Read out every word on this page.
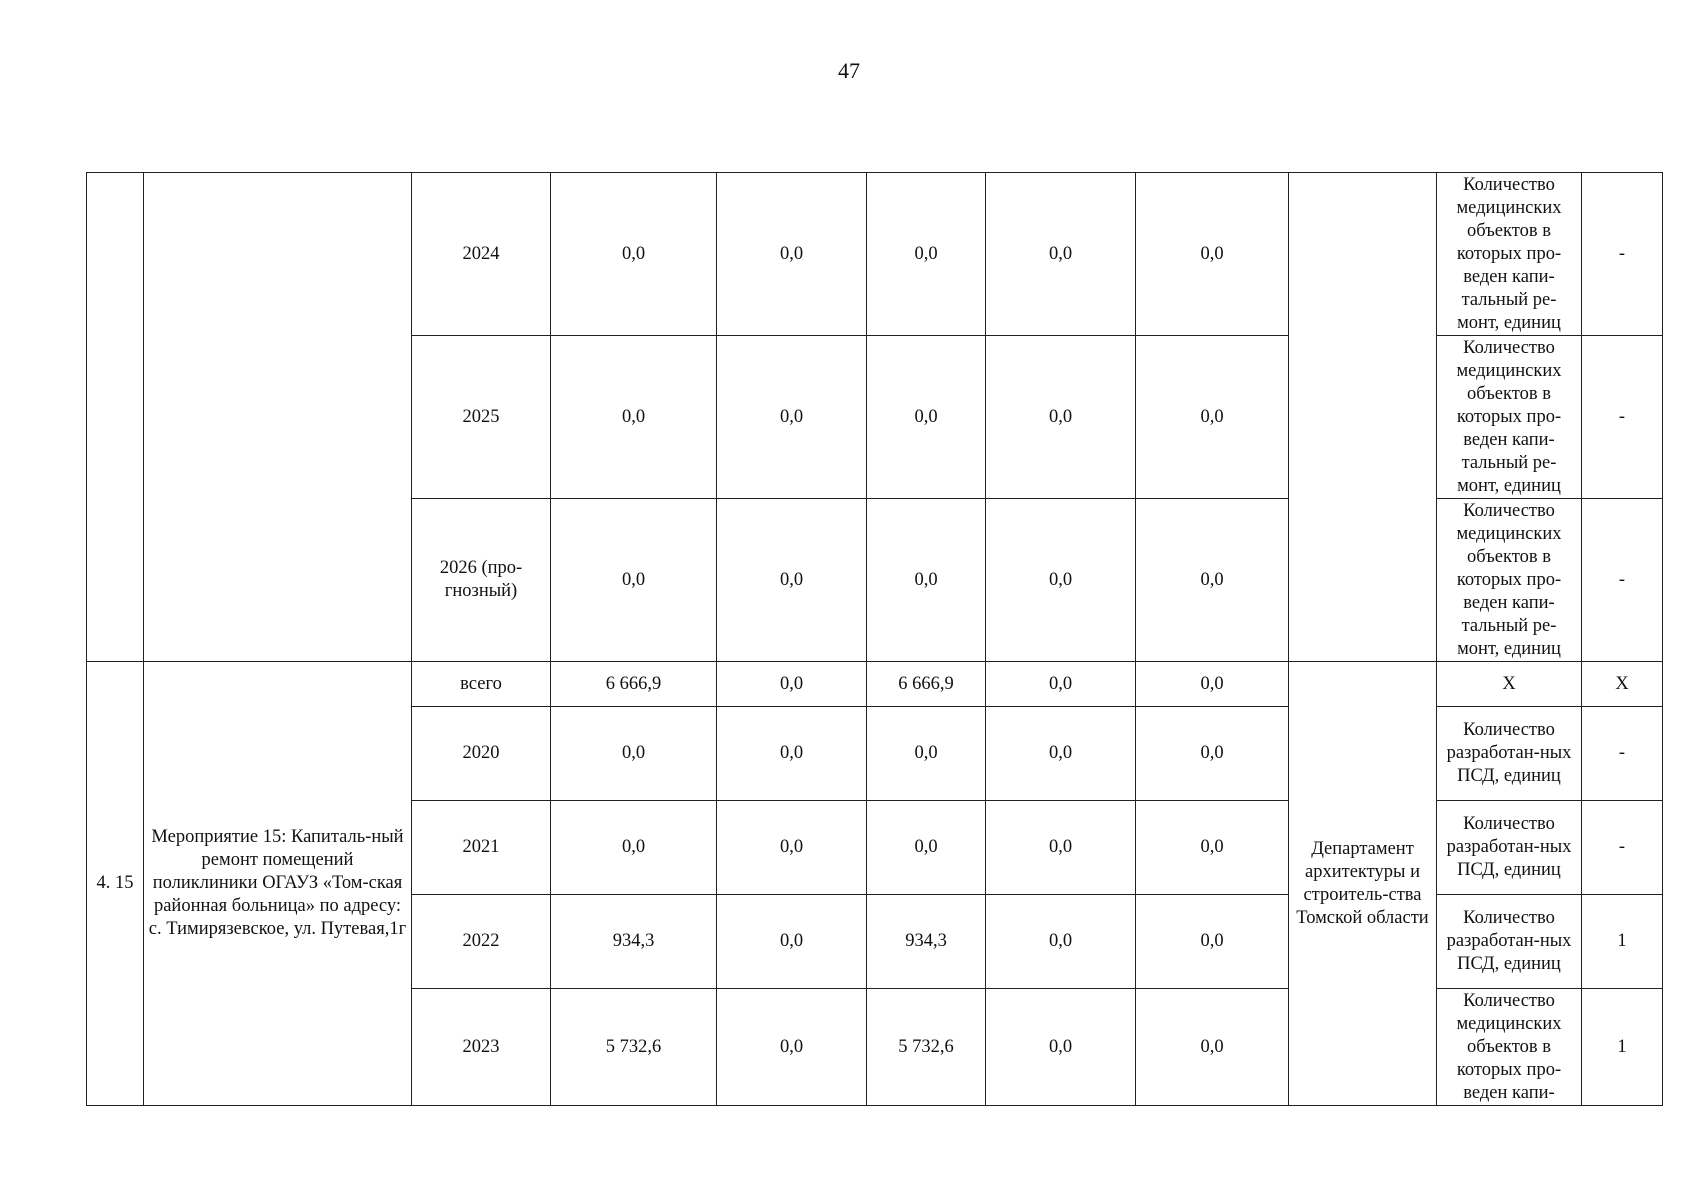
47
		2024	0,0	0,0	0,0	0,0	0,0		Количество медицинских объектов в которых про-веден капи-тальный ре-монт, единиц	-
		2025	0,0	0,0	0,0	0,0	0,0		Количество медицинских объектов в которых про-веден капи-тальный ре-монт, единиц	-
		2026 (про-гнозный)	0,0	0,0	0,0	0,0	0,0		Количество медицинских объектов в которых про-веден капи-тальный ре-монт, единиц	-
4. 15	Мероприятие 15: Капиталь-ный ремонт помещений поликлиники ОГАУЗ «Том-ская районная больница» по адресу: с. Тимирязевское, ул. Путевая,1г	всего	6 666,9	0,0	6 666,9	0,0	0,0	Департамент архитектуры и строитель-ства Томской области	Х	Х
		2020	0,0	0,0	0,0	0,0	0,0		Количество разработан-ных ПСД, единиц	-
		2021	0,0	0,0	0,0	0,0	0,0		Количество разработан-ных ПСД, единиц	-
		2022	934,3	0,0	934,3	0,0	0,0		Количество разработан-ных ПСД, единиц	1
		2023	5 732,6	0,0	5 732,6	0,0	0,0		Количество медицинских объектов в которых про-веден капи-	1
